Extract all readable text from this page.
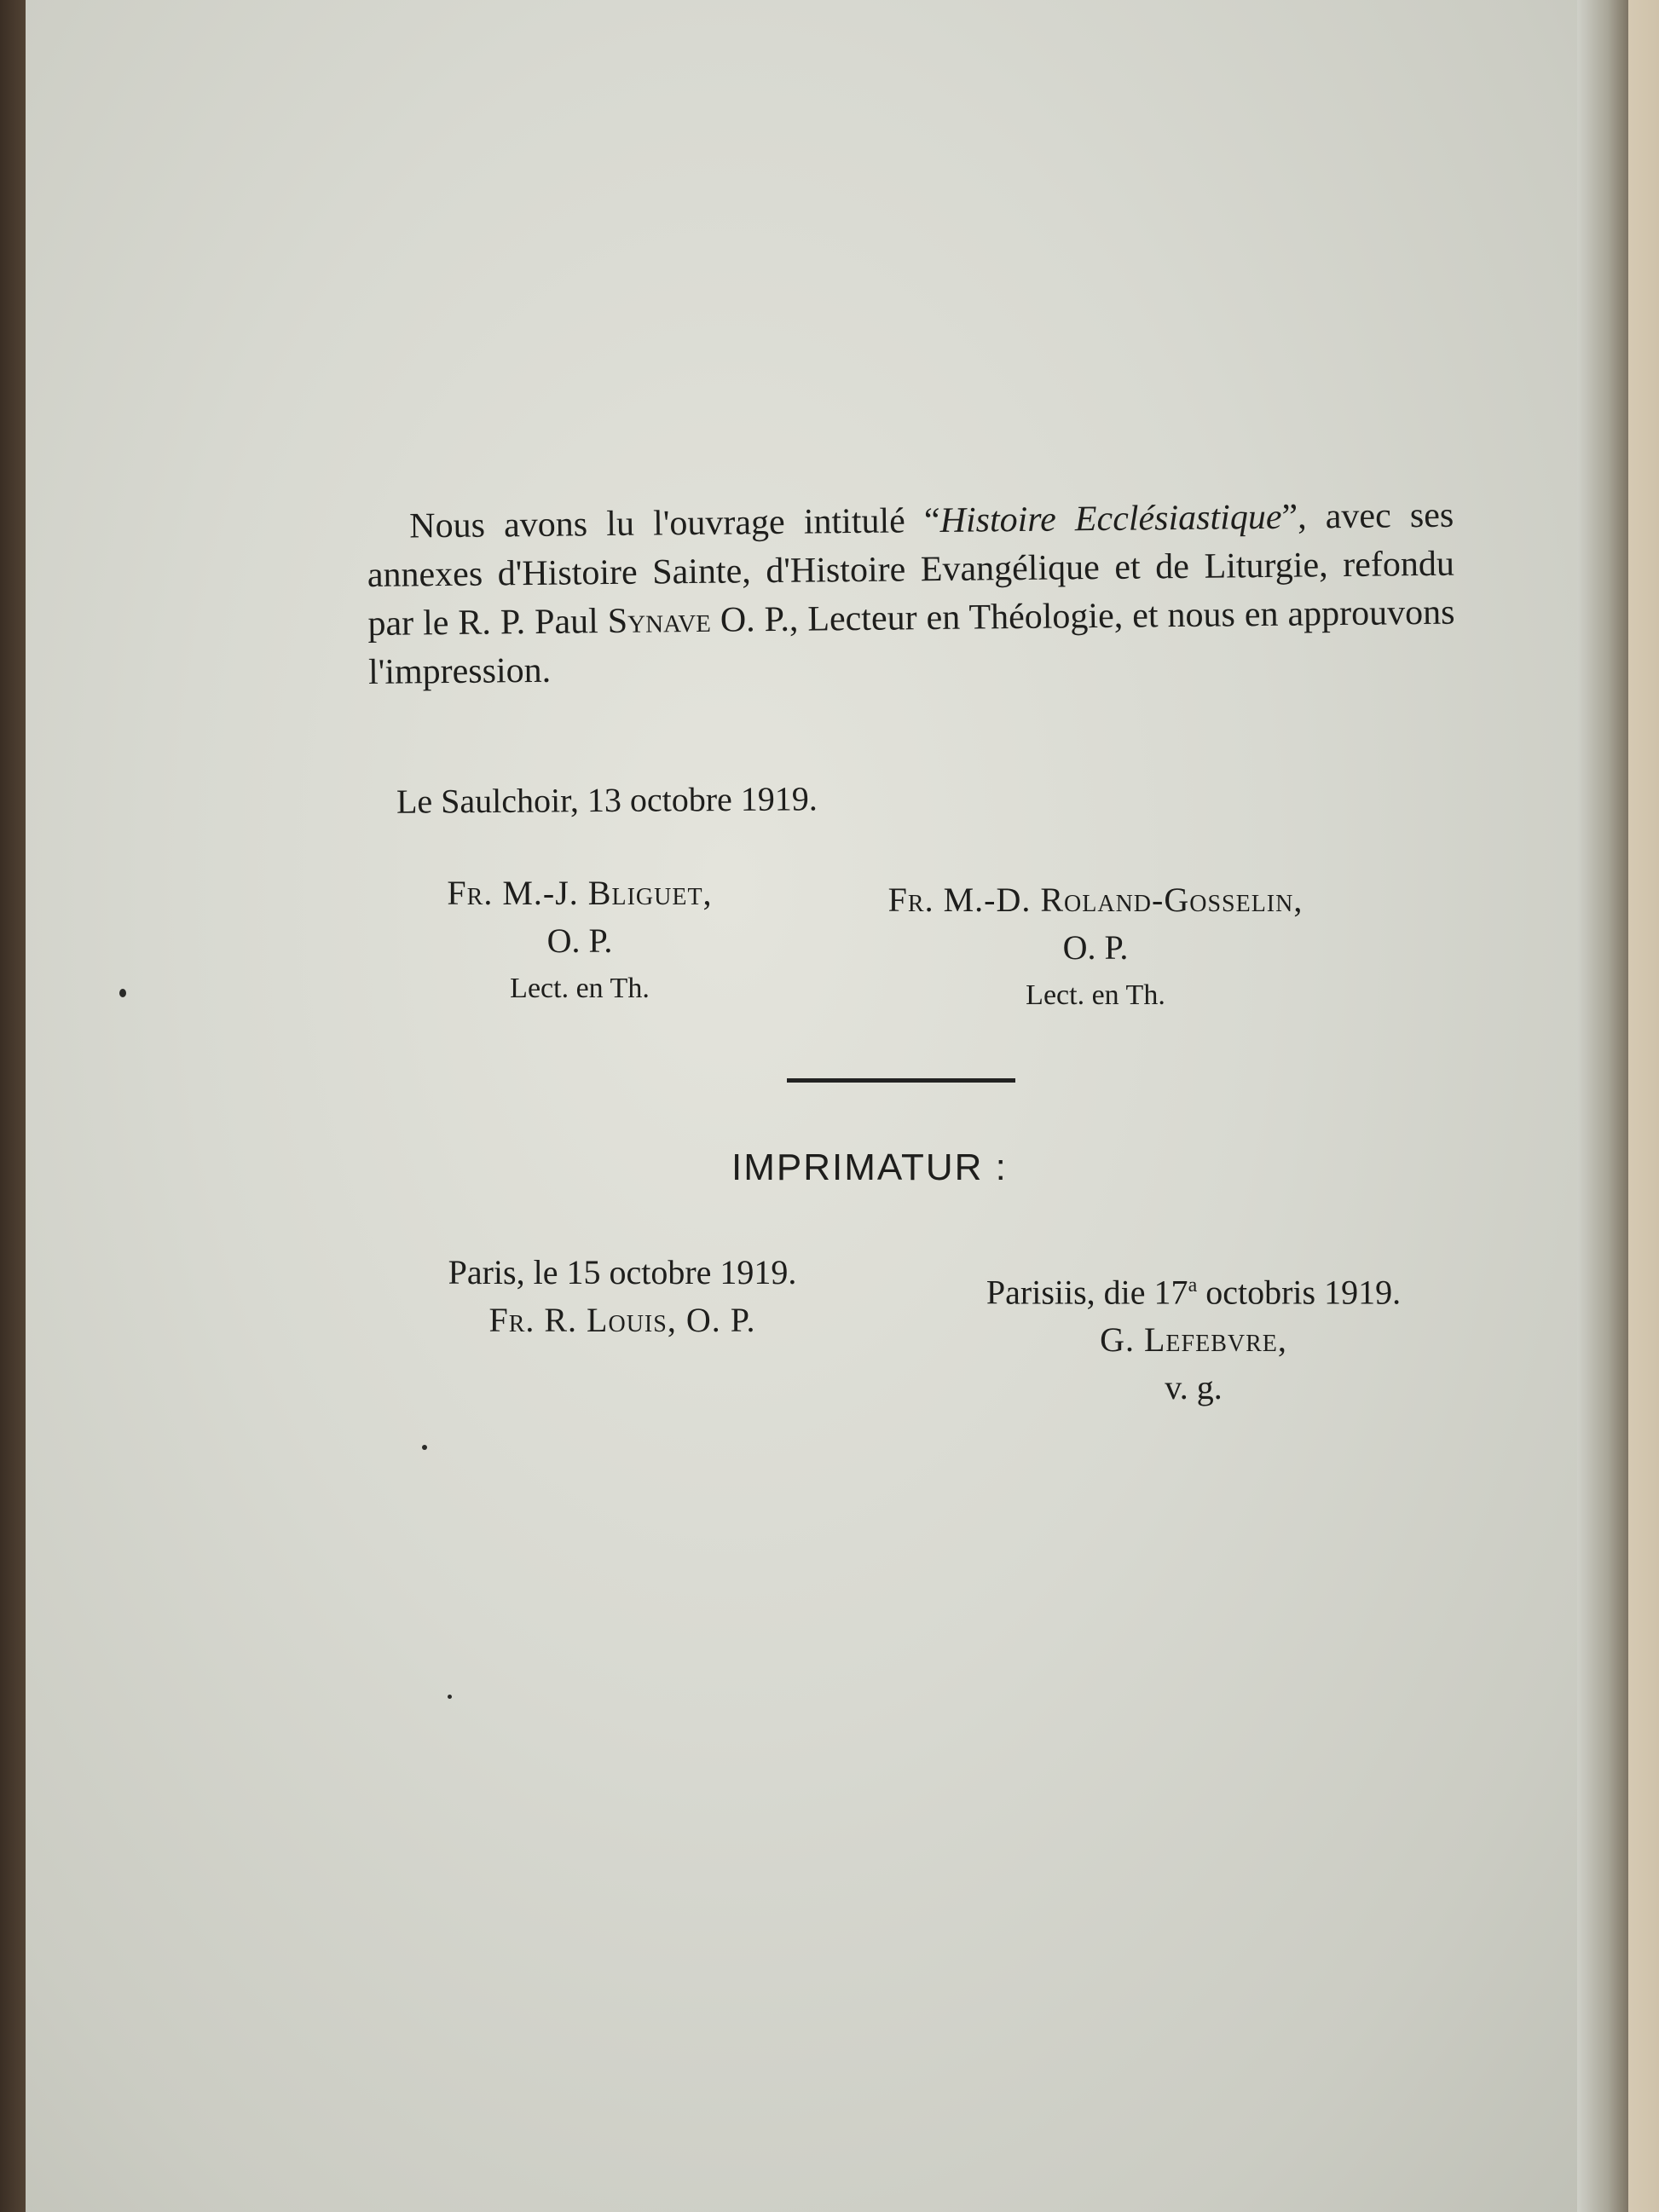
Nous avons lu l'ouvrage intitulé “Histoire Ecclésiastique”, avec ses annexes d'Histoire Sainte, d'Histoire Evangélique et de Liturgie, refondu par le R. P. Paul Synave O. P., Lecteur en Théologie, et nous en approuvons l'impression.
Le Saulchoir, 13 octobre 1919.
Fr. M.-J. Bliguet,
O. P.
Lect. en Th.
Fr. M.-D. Roland-Gosselin,
O. P.
Lect. en Th.
IMPRIMATUR :
Paris, le 15 octobre 1919.
Fr. R. Louis, O. P.
Parisiis, die 17$^a$ octobris 1919.
G. Lefebvre,
v. g.
